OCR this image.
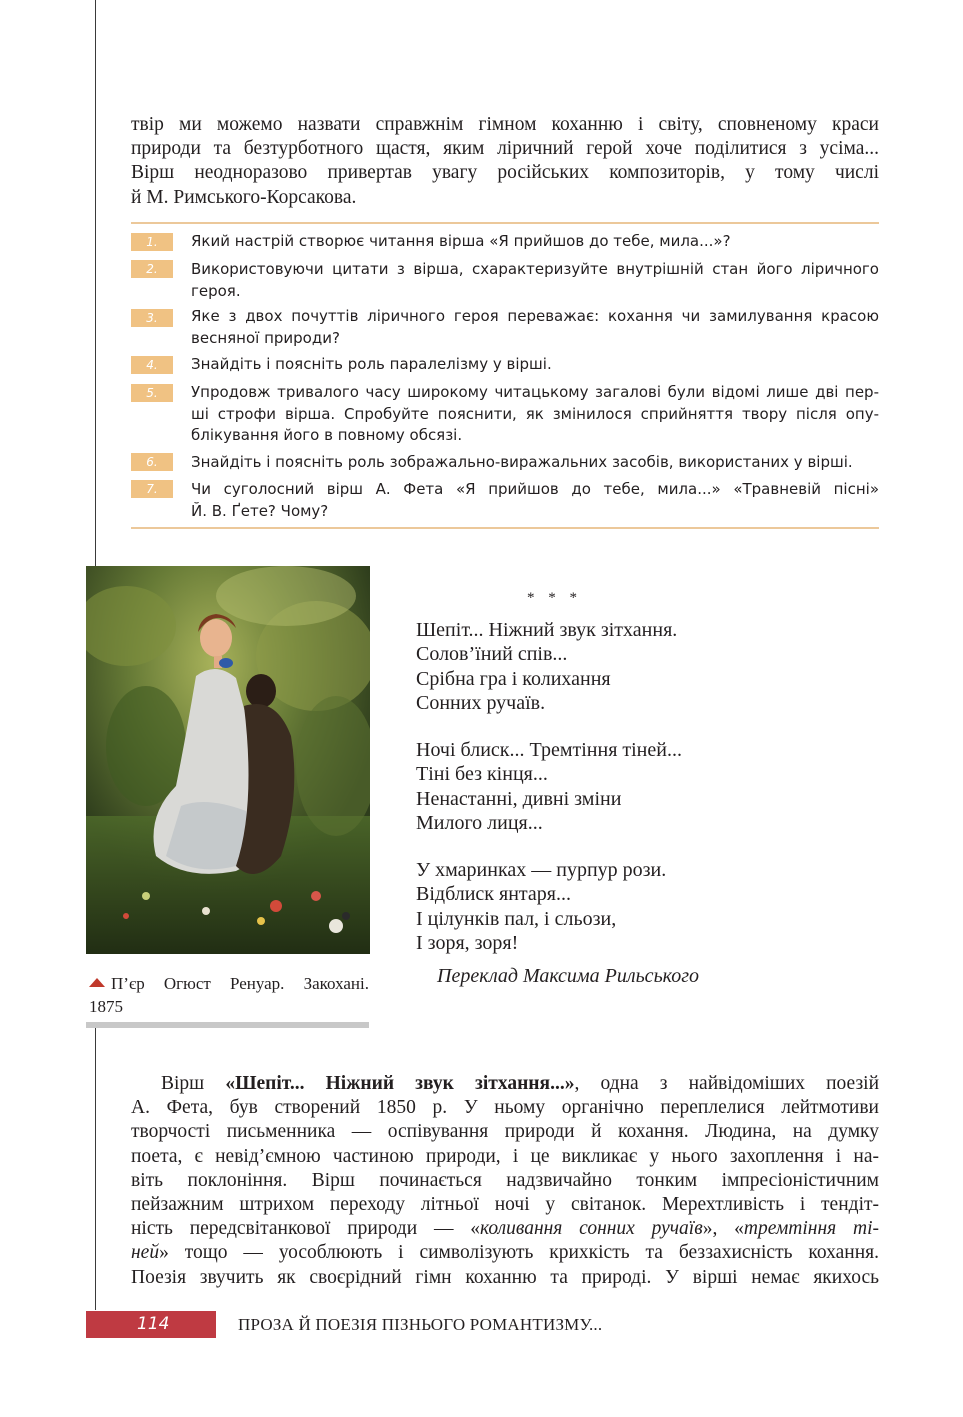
твір ми можемо назвати справжнім гімном коханню і світу, сповненому краси
природи та безтурботного щастя, яким ліричний герой хоче поділитися з усіма...
Вірш неодноразово привертав увагу російських композиторів, у тому числі
й М. Римського-Корсакова.
1.	Який настрій створює читання вірша «Я прийшов до тебе, мила...»?
2.	Використовуючи цитати з вірша, схарактеризуйте внутрішній стан його ліричного
героя.
3.	Яке з двох почуттів ліричного героя переважає: кохання чи замилування красою
весняної природи?
4.	Знайдіть і поясніть роль паралелізму у вірші.
5.	Упродовж тривалого часу широкому читацькому загалові були відомі лише дві пер-
ші строфи вірша. Спробуйте пояснити, як змінилося сприйняття твору після опу-
блікування його в повному обсязі.
6.	Знайдіть і поясніть роль зображально-виражальних засобів, використаних у вірші.
7.	Чи суголосний вірш А. Фета «Я прийшов до тебе, мила...» «Травневій пісні»
Й. В. Ґете? Чому?
П’єр Огюст Ренуар. Закохані.
1875
* * *
Шепіт... Ніжний звук зітхання.
Солов’їний спів...
Срібна гра і колихання
Сонних ручаїв.
Ночі блиск... Тремтіння тіней...
Тіні без кінця...
Ненастанні, дивні зміни
Милого лиця...
У хмаринках — пурпур рози.
Відблиск янтаря...
І цілунків пал, і сльози,
І зоря, зоря!
Переклад Максима Рильського
Вірш «Шепіт... Ніжний звук зітхання...», одна з найвідоміших поезій
А. Фета, був створений 1850 р. У ньому органічно переплелися лейтмотиви
творчості письменника — оспівування природи й кохання. Людина, на думку
поета, є невід’ємною частиною природи, і це викликає у нього захоплення і на-
віть поклоніння. Вірш починається надзвичайно тонким імпресіоністичним
пейзажним штрихом переходу літньої ночі у світанок. Мерехтливість і тендіт-
ність передсвітанкової природи — «коливання сонних ручаїв», «тремтіння ті-
ней» тощо — уособлюють і символізують крихкість та беззахисність кохання.
Поезія звучить як своєрідний гімн коханню та природі. У вірші немає якихось
114	ПРОЗА Й ПОЕЗІЯ ПІЗНЬОГО РОМАНТИЗМУ...
